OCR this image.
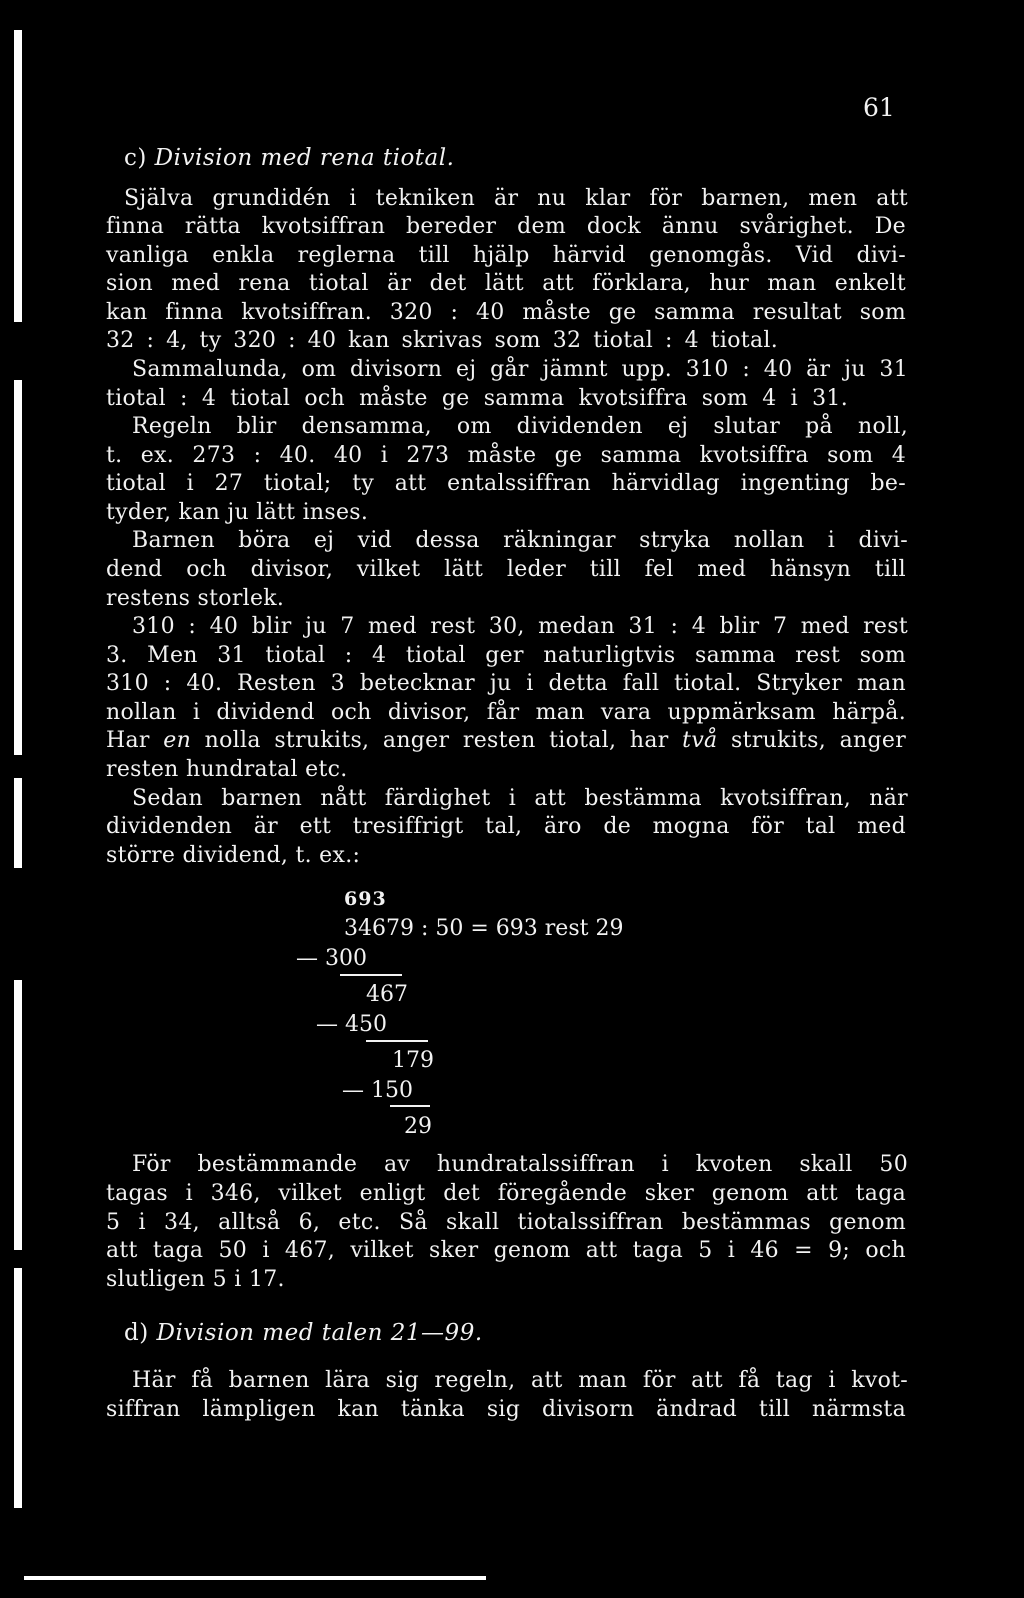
61
c) Division med rena tiotal.
Själva grundidén i tekniken är nu klar för barnen, men att
finna rätta kvotsiffran bereder dem dock ännu svårighet. De
vanliga enkla reglerna till hjälp härvid genomgås. Vid divi-
sion med rena tiotal är det lätt att förklara, hur man enkelt
kan finna kvotsiffran. 320 : 40 måste ge samma resultat som
32 : 4, ty 320 : 40 kan skrivas som 32 tiotal : 4 tiotal.
Sammalunda, om divisorn ej går jämnt upp. 310 : 40 är ju 31
tiotal : 4 tiotal och måste ge samma kvotsiffra som 4 i 31.
Regeln blir densamma, om dividenden ej slutar på noll,
t. ex. 273 : 40. 40 i 273 måste ge samma kvotsiffra som 4
tiotal i 27 tiotal; ty att entalssiffran härvidlag ingenting be-
tyder, kan ju lätt inses.
Barnen böra ej vid dessa räkningar stryka nollan i divi-
dend och divisor, vilket lätt leder till fel med hänsyn till
restens storlek.
310 : 40 blir ju 7 med rest 30, medan 31 : 4 blir 7 med rest
3. Men 31 tiotal : 4 tiotal ger naturligtvis samma rest som
310 : 40. Resten 3 betecknar ju i detta fall tiotal. Stryker man
nollan i dividend och divisor, får man vara uppmärksam härpå.
Har en nolla strukits, anger resten tiotal, har två strukits, anger
resten hundratal etc.
Sedan barnen nått färdighet i att bestämma kvotsiffran, när
dividenden är ett tresiffrigt tal, äro de mogna för tal med
större dividend, t. ex.:
693
34679 : 50 = 693 rest 29
— 300
467
— 450
179
— 150
29
För bestämmande av hundratalssiffran i kvoten skall 50
tagas i 346, vilket enligt det föregående sker genom att taga
5 i 34, alltså 6, etc. Så skall tiotalssiffran bestämmas genom
att taga 50 i 467, vilket sker genom att taga 5 i 46 = 9; och
slutligen 5 i 17.
d) Division med talen 21—99.
Här få barnen lära sig regeln, att man för att få tag i kvot-
siffran lämpligen kan tänka sig divisorn ändrad till närmsta
